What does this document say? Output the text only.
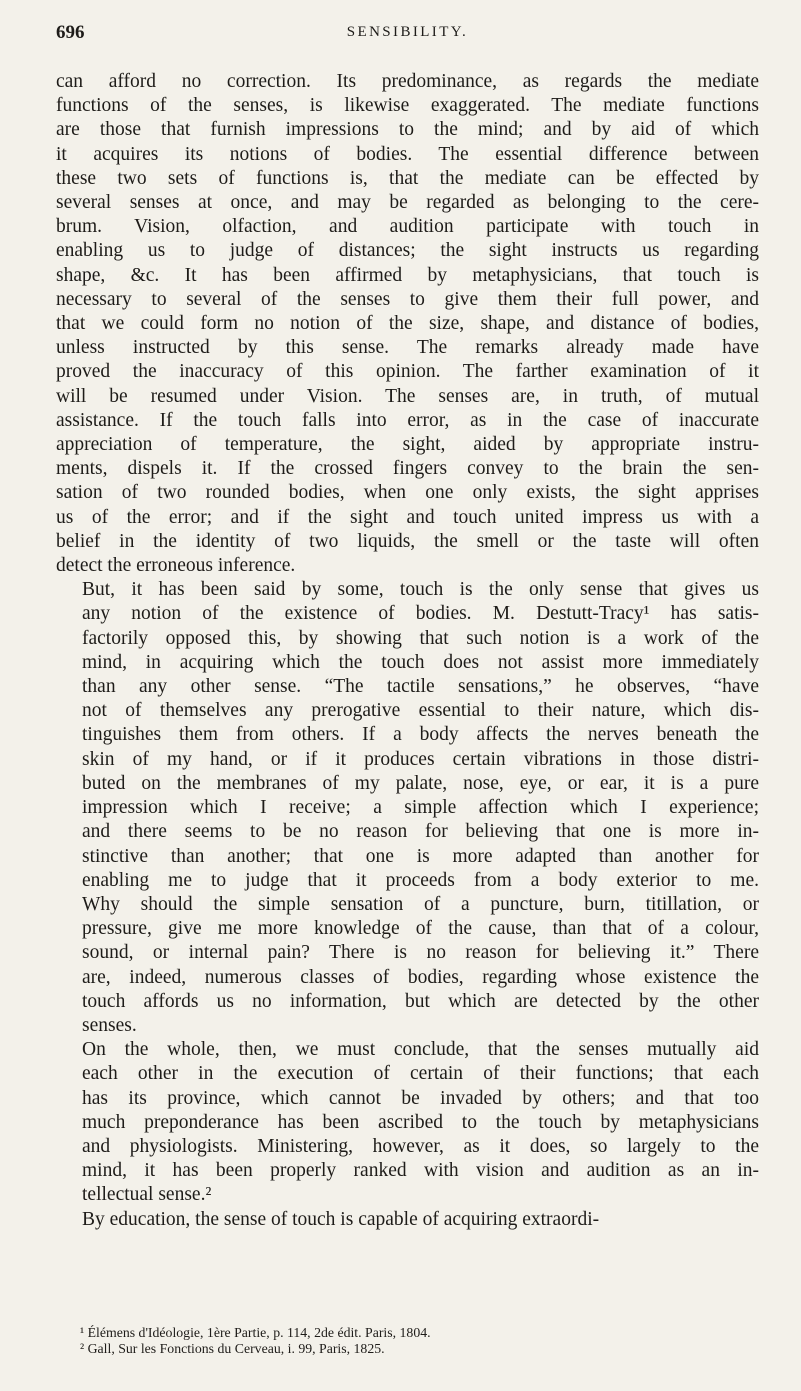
696	SENSIBILITY.

can afford no correction. Its predominance, as regards the mediate
functions of the senses, is likewise exaggerated. The mediate functions
are those that furnish impressions to the mind; and by aid of which
it acquires its notions of bodies. The essential difference between
these two sets of functions is, that the mediate can be effected by
several senses at once, and may be regarded as belonging to the cere-
brum. Vision, olfaction, and audition participate with touch in
enabling us to judge of distances; the sight instructs us regarding
shape, &c. It has been affirmed by metaphysicians, that touch is
necessary to several of the senses to give them their full power, and
that we could form no notion of the size, shape, and distance of bodies,
unless instructed by this sense. The remarks already made have
proved the inaccuracy of this opinion. The farther examination of it
will be resumed under Vision. The senses are, in truth, of mutual
assistance. If the touch falls into error, as in the case of inaccurate
appreciation of temperature, the sight, aided by appropriate instru-
ments, dispels it. If the crossed fingers convey to the brain the sen-
sation of two rounded bodies, when one only exists, the sight apprises
us of the error; and if the sight and touch united impress us with a
belief in the identity of two liquids, the smell or the taste will often
detect the erroneous inference.

But, it has been said by some, touch is the only sense that gives us
any notion of the existence of bodies. M. Destutt-Tracy¹ has satis-
factorily opposed this, by showing that such notion is a work of the
mind, in acquiring which the touch does not assist more immediately
than any other sense. “The tactile sensations,” he observes, “have
not of themselves any prerogative essential to their nature, which dis-
tinguishes them from others. If a body affects the nerves beneath the
skin of my hand, or if it produces certain vibrations in those distri-
buted on the membranes of my palate, nose, eye, or ear, it is a pure
impression which I receive; a simple affection which I experience;
and there seems to be no reason for believing that one is more in-
stinctive than another; that one is more adapted than another for
enabling me to judge that it proceeds from a body exterior to me.
Why should the simple sensation of a puncture, burn, titillation, or
pressure, give me more knowledge of the cause, than that of a colour,
sound, or internal pain? There is no reason for believing it.” There
are, indeed, numerous classes of bodies, regarding whose existence the
touch affords us no information, but which are detected by the other
senses.

On the whole, then, we must conclude, that the senses mutually aid
each other in the execution of certain of their functions; that each
has its province, which cannot be invaded by others; and that too
much preponderance has been ascribed to the touch by metaphysicians
and physiologists. Ministering, however, as it does, so largely to the
mind, it has been properly ranked with vision and audition as an in-
tellectual sense.²

By education, the sense of touch is capable of acquiring extraordi-

¹ Élémens d'Idéologie, 1ère Partie, p. 114, 2de édit. Paris, 1804.
² Gall, Sur les Fonctions du Cerveau, i. 99, Paris, 1825.
